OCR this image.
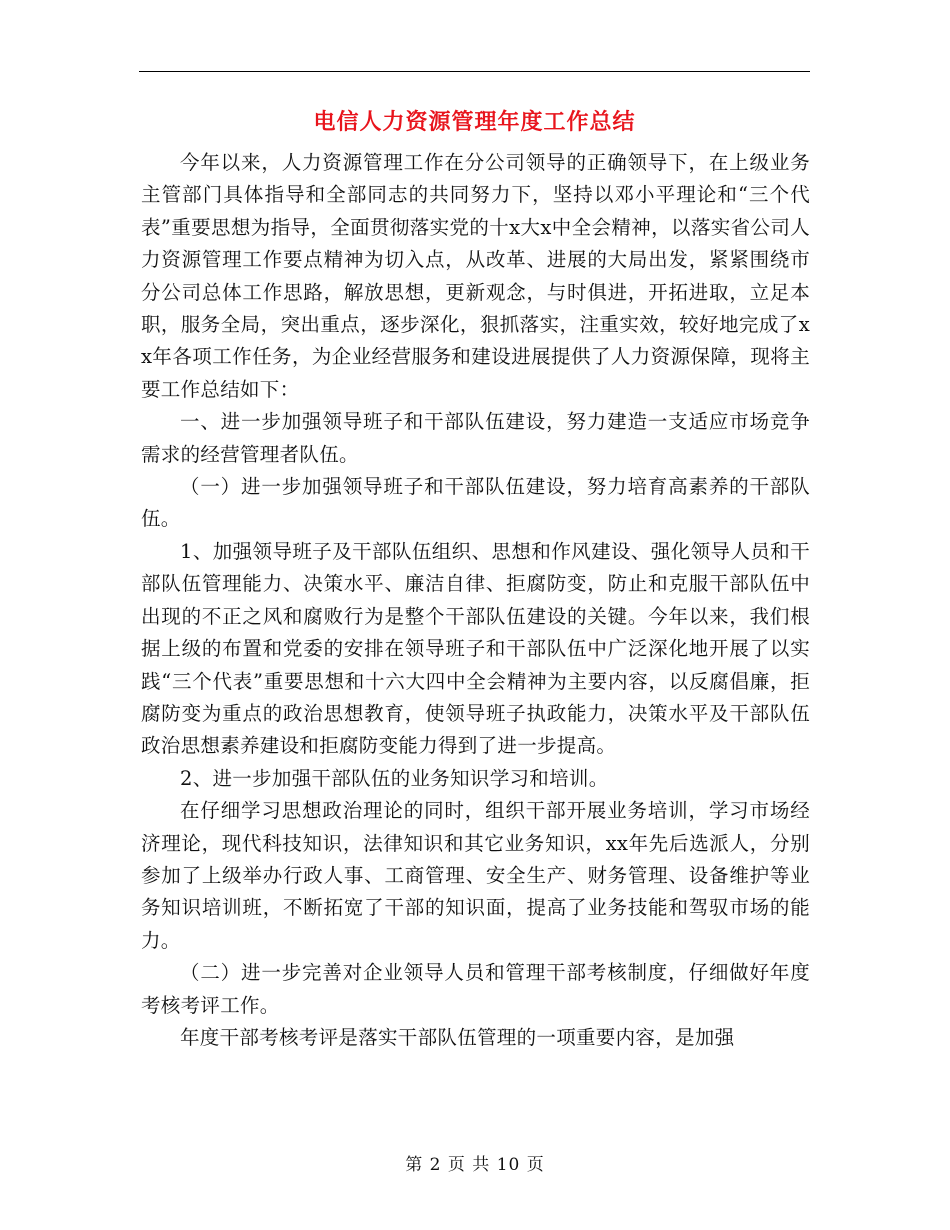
电信人力资源管理年度工作总结

今年以来，人力资源管理工作在分公司领导的正确领导下，在上级业务主管部门具体指导和全部同志的共同努力下，坚持以邓小平理论和“三个代表”重要思想为指导，全面贯彻落实党的十x大x中全会精神，以落实省公司人力资源管理工作要点精神为切入点，从改革、进展的大局出发，紧紧围绕市分公司总体工作思路，解放思想，更新观念，与时俱进，开拓进取，立足本职，服务全局，突出重点，逐步深化，狠抓落实，注重实效，较好地完成了xx年各项工作任务，为企业经营服务和建设进展提供了人力资源保障，现将主要工作总结如下：

一、进一步加强领导班子和干部队伍建设，努力建造一支适应市场竞争需求的经营管理者队伍。

（一）进一步加强领导班子和干部队伍建设，努力培育高素养的干部队伍。

1、加强领导班子及干部队伍组织、思想和作风建设、强化领导人员和干部队伍管理能力、决策水平、廉洁自律、拒腐防变，防止和克服干部队伍中出现的不正之风和腐败行为是整个干部队伍建设的关键。今年以来，我们根据上级的布置和党委的安排在领导班子和干部队伍中广泛深化地开展了以实践“三个代表”重要思想和十六大四中全会精神为主要内容，以反腐倡廉，拒腐防变为重点的政治思想教育，使领导班子执政能力，决策水平及干部队伍政治思想素养建设和拒腐防变能力得到了进一步提高。

2、进一步加强干部队伍的业务知识学习和培训。

在仔细学习思想政治理论的同时，组织干部开展业务培训，学习市场经济理论，现代科技知识，法律知识和其它业务知识，xx年先后选派人，分别参加了上级举办行政人事、工商管理、安全生产、财务管理、设备维护等业务知识培训班，不断拓宽了干部的知识面，提高了业务技能和驾驭市场的能力。

（二）进一步完善对企业领导人员和管理干部考核制度，仔细做好年度考核考评工作。

年度干部考核考评是落实干部队伍管理的一项重要内容，是加强

第 2 页 共 10 页
